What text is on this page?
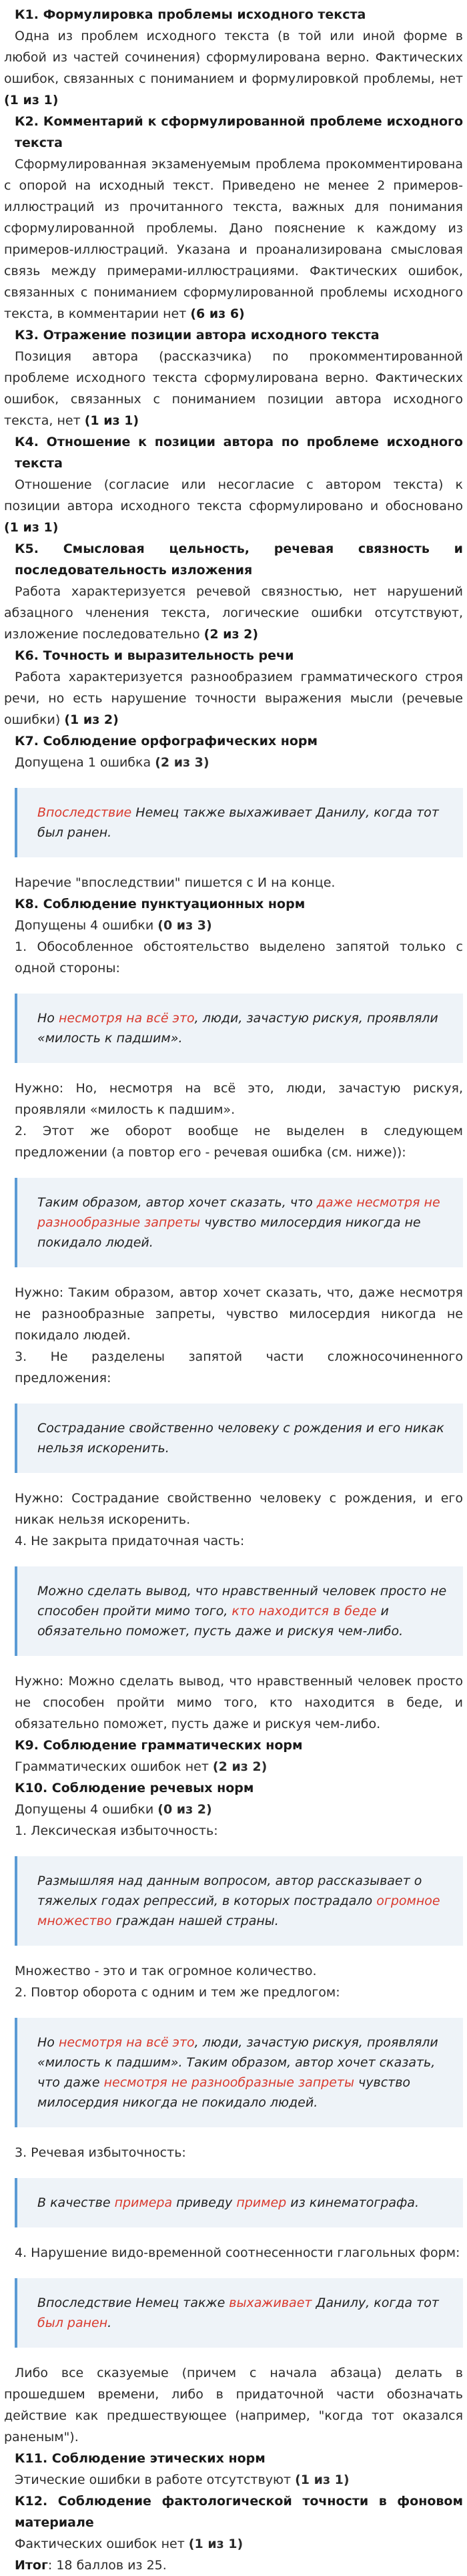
К1. Формулировка проблемы исходного текста

Одна из проблем исходного текста (в той или иной форме в любой из частей сочинения) сформулирована верно. Фактических ошибок, связанных с пониманием и формулировкой проблемы, нет (1 из 1)

К2. Комментарий к сформулированной проблеме исходного текста

Сформулированная экзаменуемым проблема прокомментирована с опорой на исходный текст. Приведено не менее 2 примеров-иллюстраций из прочитанного текста, важных для понимания сформулированной проблемы. Дано пояснение к каждому из примеров-иллюстраций. Указана и проанализирована смысловая связь между примерами-иллюстрациями. Фактических ошибок, связанных с пониманием сформулированной проблемы исходного текста, в комментарии нет (6 из 6)

К3. Отражение позиции автора исходного текста

Позиция автора (рассказчика) по прокомментированной проблеме исходного текста сформулирована верно. Фактических ошибок, связанных с пониманием позиции автора исходного текста, нет (1 из 1)

К4. Отношение к позиции автора по проблеме исходного текста

Отношение (согласие или несогласие с автором текста) к позиции автора исходного текста сформулировано и обосновано (1 из 1)

К5. Смысловая цельность, речевая связность и последовательность изложения

Работа характеризуется речевой связностью, нет нарушений абзацного членения текста, логические ошибки отсутствуют, изложение последовательно (2 из 2)

К6. Точность и выразительность речи

Работа характеризуется разнообразием грамматического строя речи, но есть нарушение точности выражения мысли (речевые ошибки) (1 из 2)

К7. Соблюдение орфографических норм

Допущена 1 ошибка (2 из 3)

Впоследствие Немец также выхаживает Данилу, когда тот был ранен.

Наречие "впоследствии" пишется с И на конце.

К8. Соблюдение пунктуационных норм

Допущены 4 ошибки (0 из 3)

1. Обособленное обстоятельство выделено запятой только с одной стороны:

Но несмотря на всё это, люди, зачастую рискуя, проявляли «милость к падшим».

Нужно: Но, несмотря на всё это, люди, зачастую рискуя, проявляли «милость к падшим».

2. Этот же оборот вообще не выделен в следующем предложении (а повтор его - речевая ошибка (см. ниже)):

Таким образом, автор хочет сказать, что даже несмотря не разнообразные запреты чувство милосердия никогда не покидало людей.

Нужно: Таким образом, автор хочет сказать, что, даже несмотря не разнообразные запреты, чувство милосердия никогда не покидало людей.

3. Не разделены запятой части сложносочиненного предложения:

Сострадание свойственно человеку с рождения и его никак нельзя искоренить.

Нужно: Сострадание свойственно человеку с рождения, и его никак нельзя искоренить.

4. Не закрыта придаточная часть:

Можно сделать вывод, что нравственный человек просто не способен пройти мимо того, кто находится в беде и обязательно поможет, пусть даже и рискуя чем-либо.

Нужно: Можно сделать вывод, что нравственный человек просто не способен пройти мимо того, кто находится в беде, и обязательно поможет, пусть даже и рискуя чем-либо.

К9. Соблюдение грамматических норм

Грамматических ошибок нет (2 из 2)

К10. Соблюдение речевых норм

Допущены 4 ошибки (0 из 2)

1. Лексическая избыточность:

Размышляя над данным вопросом, автор рассказывает о тяжелых годах репрессий, в которых пострадало огромное множество граждан нашей страны.

Множество - это и так огромное количество.

2. Повтор оборота с одним и тем же предлогом:

Но несмотря на всё это, люди, зачастую рискуя, проявляли «милость к падшим». Таким образом, автор хочет сказать, что даже несмотря не разнообразные запреты чувство милосердия никогда не покидало людей.

3. Речевая избыточность:

В качестве примера приведу пример из кинематографа.

4. Нарушение видо-временной соотнесенности глагольных форм:

Впоследствие Немец также выхаживает Данилу, когда тот был ранен.

Либо все сказуемые (причем с начала абзаца) делать в прошедшем времени, либо в придаточной части обозначать действие как предшествующее (например, "когда тот оказался раненым").

К11. Соблюдение этических норм

Этические ошибки в работе отсутствуют (1 из 1)

К12. Соблюдение фактологической точности в фоновом материале

Фактических ошибок нет (1 из 1)

Итог: 18 баллов из 25.
